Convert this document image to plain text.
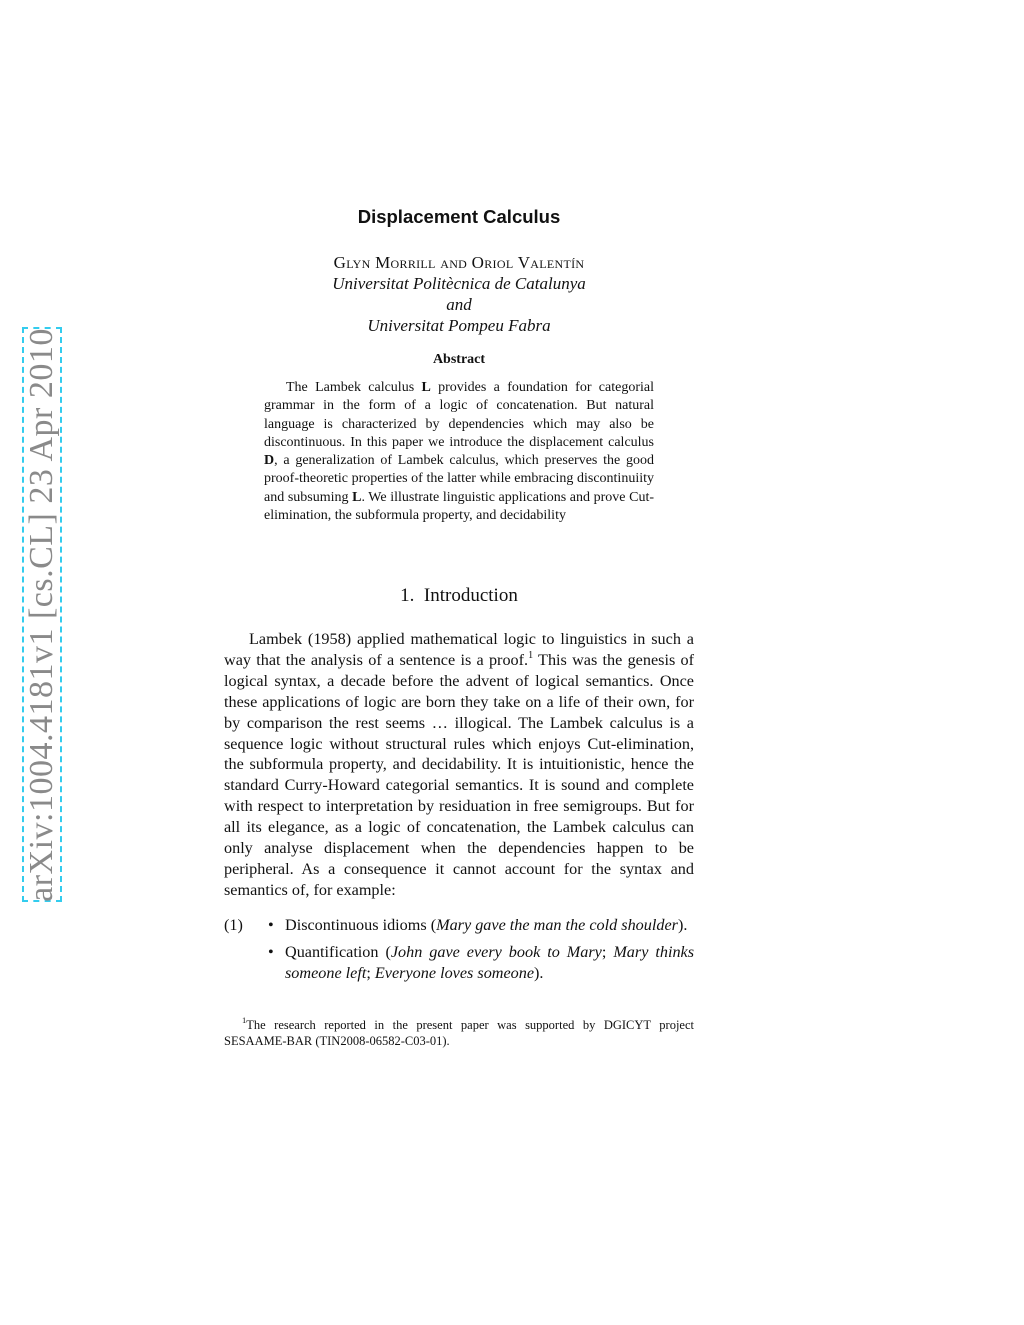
arXiv:1004.4181v1 [cs.CL] 23 Apr 2010
Displacement Calculus
Glyn Morrill and Oriol Valentín
Universitat Politècnica de Catalunya
and
Universitat Pompeu Fabra
Abstract

The Lambek calculus L provides a foundation for categorial grammar in the form of a logic of concatenation. But natural language is characterized by dependencies which may also be discontinuous. In this paper we introduce the displacement calculus D, a generalization of Lambek calculus, which preserves the good proof-theoretic properties of the latter while embracing discontinuiity and subsuming L. We illustrate linguistic applications and prove Cut-elimination, the subformula property, and decidability

1. Introduction

Lambek (1958) applied mathematical logic to linguistics in such a way that the analysis of a sentence is a proof.$^1$ This was the genesis of logical syntax, a decade before the advent of logical semantics. Once these applications of logic are born they take on a life of their own, for by comparison the rest seems … illogical. The Lambek calculus is a sequence logic without structural rules which enjoys Cut-elimination, the subformula property, and decidability. It is intuitionistic, hence the standard Curry-Howard categorial semantics. It is sound and complete with respect to interpretation by residuation in free semigroups. But for all its elegance, as a logic of concatenation, the Lambek calculus can only analyse displacement when the dependencies happen to be peripheral. As a consequence it cannot account for the syntax and semantics of, for example:

(1) • Discontinuous idioms (Mary gave the man the cold shoulder).
• Quantification (John gave every book to Mary; Mary thinks someone left; Everyone loves someone).

$^1$The research reported in the present paper was supported by DGICYT project SESAAME-BAR (TIN2008-06582-C03-01).
